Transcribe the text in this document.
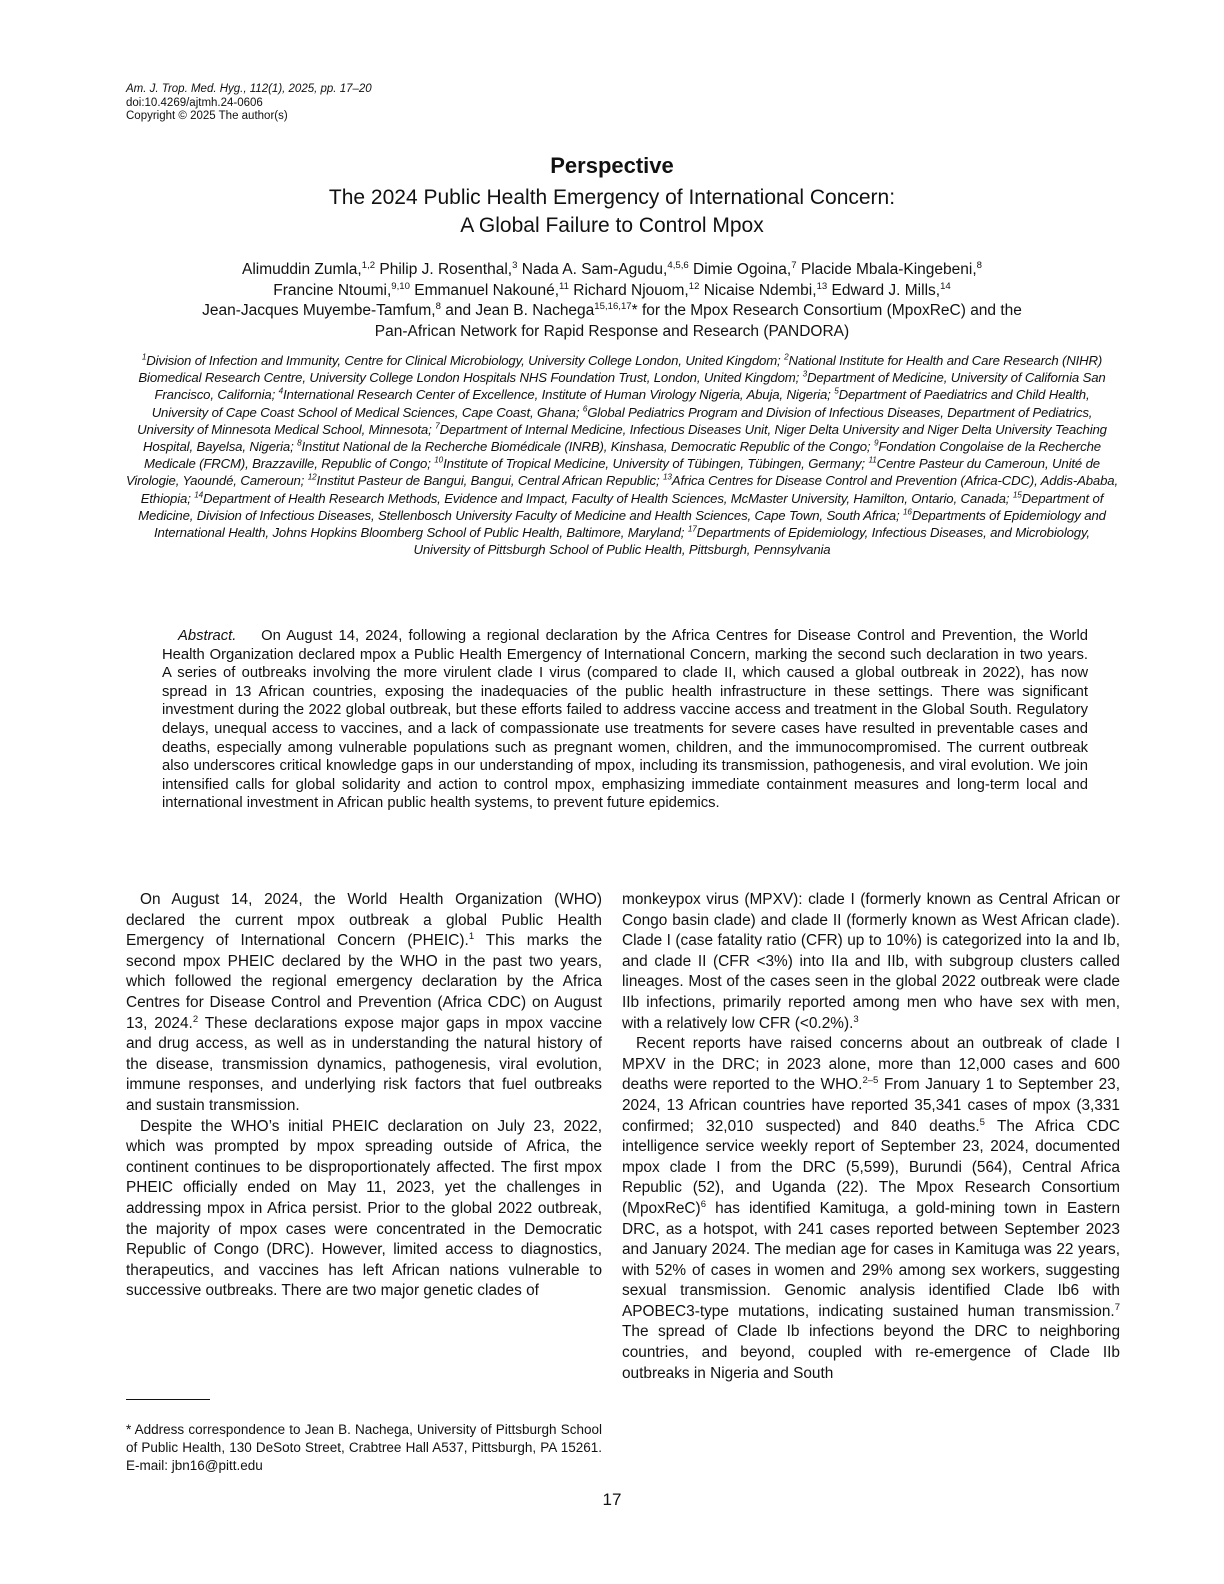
Am. J. Trop. Med. Hyg., 112(1), 2025, pp. 17–20
doi:10.4269/ajtmh.24-0606
Copyright © 2025 The author(s)
Perspective
The 2024 Public Health Emergency of International Concern:
A Global Failure to Control Mpox
Alimuddin Zumla,$^{1,2}$ Philip J. Rosenthal,$^3$ Nada A. Sam-Agudu,$^{4,5,6}$ Dimie Ogoina,$^7$ Placide Mbala-Kingebeni,$^8$
Francine Ntoumi,$^{9,10}$ Emmanuel Nakouné,$^{11}$ Richard Njouom,$^{12}$ Nicaise Ndembi,$^{13}$ Edward J. Mills,$^{14}$
Jean-Jacques Muyembe-Tamfum,$^8$ and Jean B. Nachega$^{15,16,17}$* for the Mpox Research Consortium (MpoxReC) and the
Pan-African Network for Rapid Response and Research (PANDORA)
$^1$Division of Infection and Immunity, Centre for Clinical Microbiology, University College London, United Kingdom; $^2$National Institute for Health and Care Research (NIHR) Biomedical Research Centre, University College London Hospitals NHS Foundation Trust, London, United Kingdom; $^3$Department of Medicine, University of California San Francisco, California; $^4$International Research Center of Excellence, Institute of Human Virology Nigeria, Abuja, Nigeria; $^5$Department of Paediatrics and Child Health, University of Cape Coast School of Medical Sciences, Cape Coast, Ghana; $^6$Global Pediatrics Program and Division of Infectious Diseases, Department of Pediatrics, University of Minnesota Medical School, Minnesota; $^7$Department of Internal Medicine, Infectious Diseases Unit, Niger Delta University and Niger Delta University Teaching Hospital, Bayelsa, Nigeria; $^8$Institut National de la Recherche Biomédicale (INRB), Kinshasa, Democratic Republic of the Congo; $^9$Fondation Congolaise de la Recherche Medicale (FRCM), Brazzaville, Republic of Congo; $^{10}$Institute of Tropical Medicine, University of Tübingen, Tübingen, Germany; $^{11}$Centre Pasteur du Cameroun, Unité de Virologie, Yaoundé, Cameroun; $^{12}$Institut Pasteur de Bangui, Bangui, Central African Republic; $^{13}$Africa Centres for Disease Control and Prevention (Africa-CDC), Addis-Ababa, Ethiopia; $^{14}$Department of Health Research Methods, Evidence and Impact, Faculty of Health Sciences, McMaster University, Hamilton, Ontario, Canada; $^{15}$Department of Medicine, Division of Infectious Diseases, Stellenbosch University Faculty of Medicine and Health Sciences, Cape Town, South Africa; $^{16}$Departments of Epidemiology and International Health, Johns Hopkins Bloomberg School of Public Health, Baltimore, Maryland; $^{17}$Departments of Epidemiology, Infectious Diseases, and Microbiology, University of Pittsburgh School of Public Health, Pittsburgh, Pennsylvania
Abstract. On August 14, 2024, following a regional declaration by the Africa Centres for Disease Control and Prevention, the World Health Organization declared mpox a Public Health Emergency of International Concern, marking the second such declaration in two years. A series of outbreaks involving the more virulent clade I virus (compared to clade II, which caused a global outbreak in 2022), has now spread in 13 African countries, exposing the inadequacies of the public health infrastructure in these settings. There was significant investment during the 2022 global outbreak, but these efforts failed to address vaccine access and treatment in the Global South. Regulatory delays, unequal access to vaccines, and a lack of compassionate use treatments for severe cases have resulted in preventable cases and deaths, especially among vulnerable populations such as pregnant women, children, and the immunocompromised. The current outbreak also underscores critical knowledge gaps in our understanding of mpox, including its transmission, pathogenesis, and viral evolution. We join intensified calls for global solidarity and action to control mpox, emphasizing immediate containment measures and long-term local and international investment in African public health systems, to prevent future epidemics.

On August 14, 2024, the World Health Organization (WHO) declared the current mpox outbreak a global Public Health Emergency of International Concern (PHEIC).$^1$ This marks the second mpox PHEIC declared by the WHO in the past two years, which followed the regional emergency declaration by the Africa Centres for Disease Control and Prevention (Africa CDC) on August 13, 2024.$^2$ These declarations expose major gaps in mpox vaccine and drug access, as well as in understanding the natural history of the disease, transmission dynamics, pathogenesis, viral evolution, immune responses, and underlying risk factors that fuel outbreaks and sustain transmission.

Despite the WHO’s initial PHEIC declaration on July 23, 2022, which was prompted by mpox spreading outside of Africa, the continent continues to be disproportionately affected. The first mpox PHEIC officially ended on May 11, 2023, yet the challenges in addressing mpox in Africa persist. Prior to the global 2022 outbreak, the majority of mpox cases were concentrated in the Democratic Republic of Congo (DRC). However, limited access to diagnostics, therapeutics, and vaccines has left African nations vulnerable to successive outbreaks. There are two major genetic clades of

monkeypox virus (MPXV): clade I (formerly known as Central African or Congo basin clade) and clade II (formerly known as West African clade). Clade I (case fatality ratio (CFR) up to 10%) is categorized into Ia and Ib, and clade II (CFR <3%) into IIa and IIb, with subgroup clusters called lineages. Most of the cases seen in the global 2022 outbreak were clade IIb infections, primarily reported among men who have sex with men, with a relatively low CFR (<0.2%).$^3$

Recent reports have raised concerns about an outbreak of clade I MPXV in the DRC; in 2023 alone, more than 12,000 cases and 600 deaths were reported to the WHO.$^{2-5}$ From January 1 to September 23, 2024, 13 African countries have reported 35,341 cases of mpox (3,331 confirmed; 32,010 suspected) and 840 deaths.$^5$ The Africa CDC intelligence service weekly report of September 23, 2024, documented mpox clade I from the DRC (5,599), Burundi (564), Central Africa Republic (52), and Uganda (22). The Mpox Research Consortium (MpoxReC)$^6$ has identified Kamituga, a gold-mining town in Eastern DRC, as a hotspot, with 241 cases reported between September 2023 and January 2024. The median age for cases in Kamituga was 22 years, with 52% of cases in women and 29% among sex workers, suggesting sexual transmission. Genomic analysis identified Clade Ib6 with APOBEC3-type mutations, indicating sustained human transmission.$^7$ The spread of Clade Ib infections beyond the DRC to neighboring countries, and beyond, coupled with re-emergence of Clade IIb outbreaks in Nigeria and South

* Address correspondence to Jean B. Nachega, University of Pittsburgh School of Public Health, 130 DeSoto Street, Crabtree Hall A537, Pittsburgh, PA 15261. E-mail: jbn16@pitt.edu
17
